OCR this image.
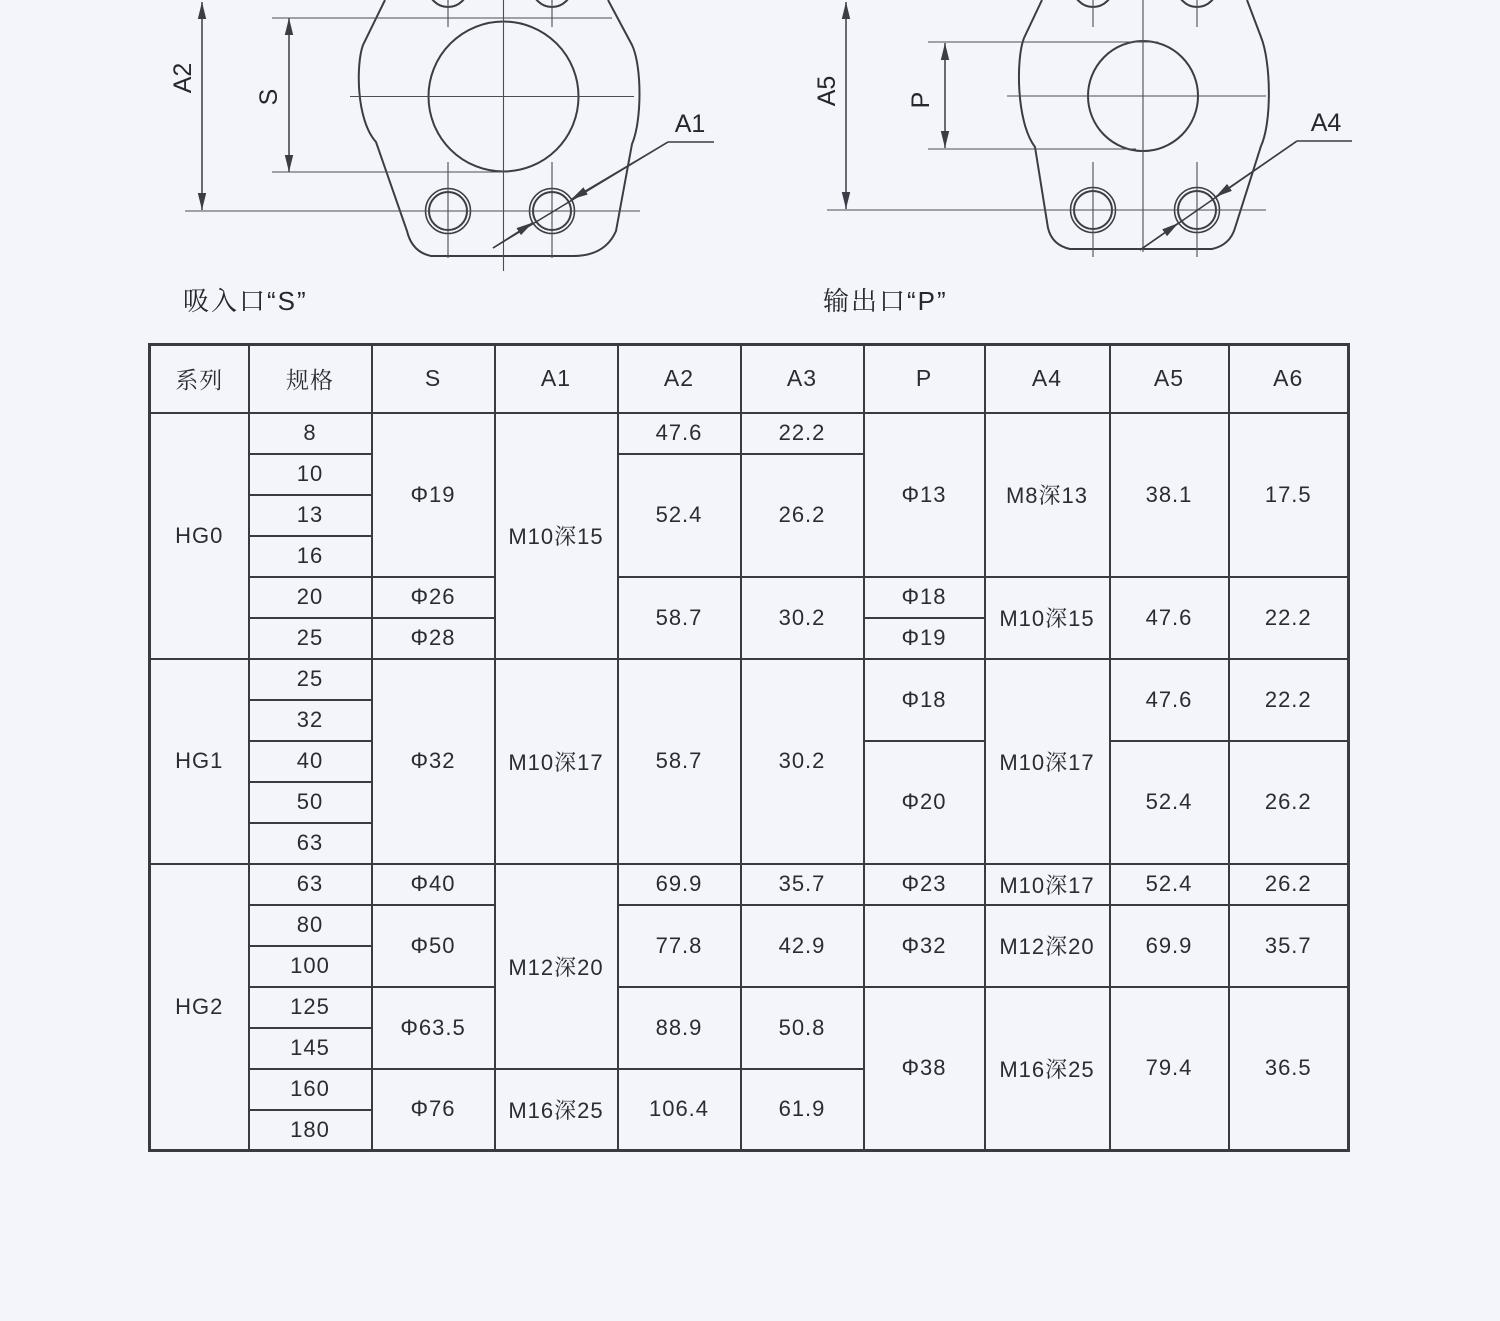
A2
S
A1
A5	P
A4
吸入口“S”	输出口“P”
系列	规格	S	A1	A2	A3	P	A4	A5	A6
HG0	8	Φ19	M10深15	47.6	22.2	Φ13	M8深13	38.1	17.5
	10			52.4	26.2				
	13								
	16								
	20	Φ26		58.7	30.2	Φ18	M10深15	47.6	22.2
	25	Φ28				Φ19			
HG1	25	Φ32	M10深17	58.7	30.2	Φ18	M10深17	47.6	22.2
	32								
	40					Φ20		52.4	26.2
	50								
	63								
HG2	63	Φ40	M12深20	69.9	35.7	Φ23	M10深17	52.4	26.2
	80	Φ50		77.8	42.9	Φ32	M12深20	69.9	35.7
	100								
	125	Φ63.5		88.9	50.8	Φ38	M16深25	79.4	36.5
	145								
	160	Φ76	M16深25	106.4	61.9				
	180								
